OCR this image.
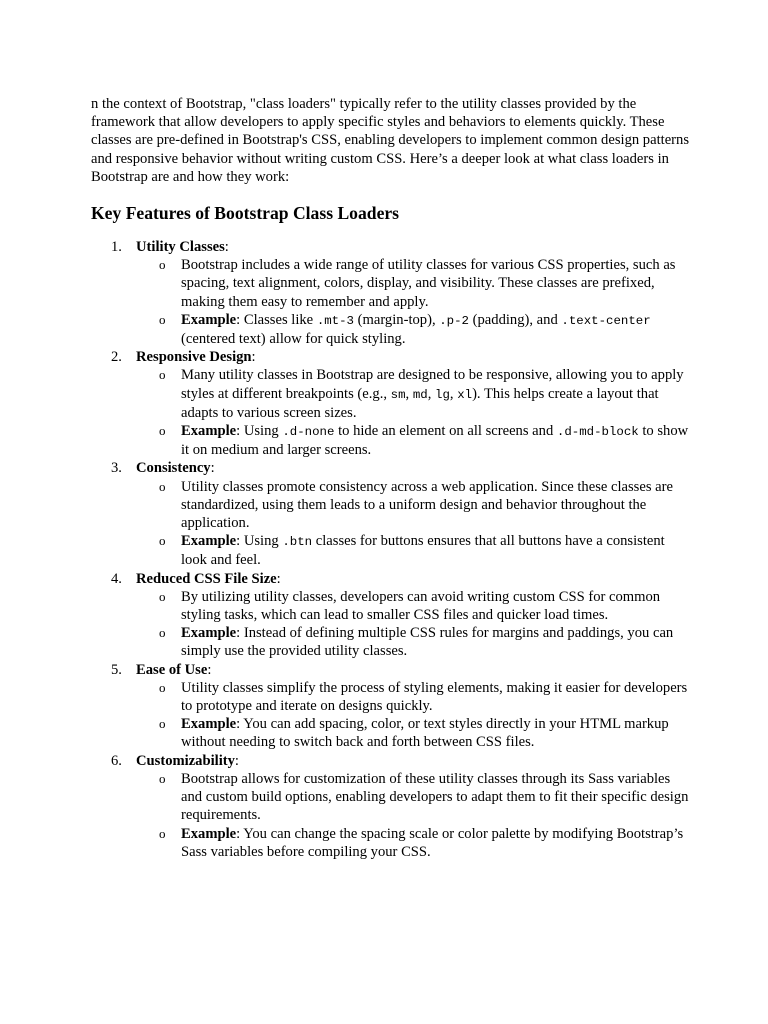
n the context of Bootstrap, "class loaders" typically refer to the utility classes provided by the framework that allow developers to apply specific styles and behaviors to elements quickly. These classes are pre-defined in Bootstrap's CSS, enabling developers to implement common design patterns and responsive behavior without writing custom CSS. Here’s a deeper look at what class loaders in Bootstrap are and how they work:

Key Features of Bootstrap Class Loaders
1. Utility Classes:
o Bootstrap includes a wide range of utility classes for various CSS properties, such as spacing, text alignment, colors, display, and visibility. These classes are prefixed, making them easy to remember and apply.
o Example: Classes like .mt-3 (margin-top), .p-2 (padding), and .text-center (centered text) allow for quick styling.
2. Responsive Design:
o Many utility classes in Bootstrap are designed to be responsive, allowing you to apply styles at different breakpoints (e.g., sm, md, lg, xl). This helps create a layout that adapts to various screen sizes.
o Example: Using .d-none to hide an element on all screens and .d-md-block to show it on medium and larger screens.
3. Consistency:
o Utility classes promote consistency across a web application. Since these classes are standardized, using them leads to a uniform design and behavior throughout the application.
o Example: Using .btn classes for buttons ensures that all buttons have a consistent look and feel.
4. Reduced CSS File Size:
o By utilizing utility classes, developers can avoid writing custom CSS for common styling tasks, which can lead to smaller CSS files and quicker load times.
o Example: Instead of defining multiple CSS rules for margins and paddings, you can simply use the provided utility classes.
5. Ease of Use:
o Utility classes simplify the process of styling elements, making it easier for developers to prototype and iterate on designs quickly.
o Example: You can add spacing, color, or text styles directly in your HTML markup without needing to switch back and forth between CSS files.
6. Customizability:
o Bootstrap allows for customization of these utility classes through its Sass variables and custom build options, enabling developers to adapt them to fit their specific design requirements.
o Example: You can change the spacing scale or color palette by modifying Bootstrap’s Sass variables before compiling your CSS.
